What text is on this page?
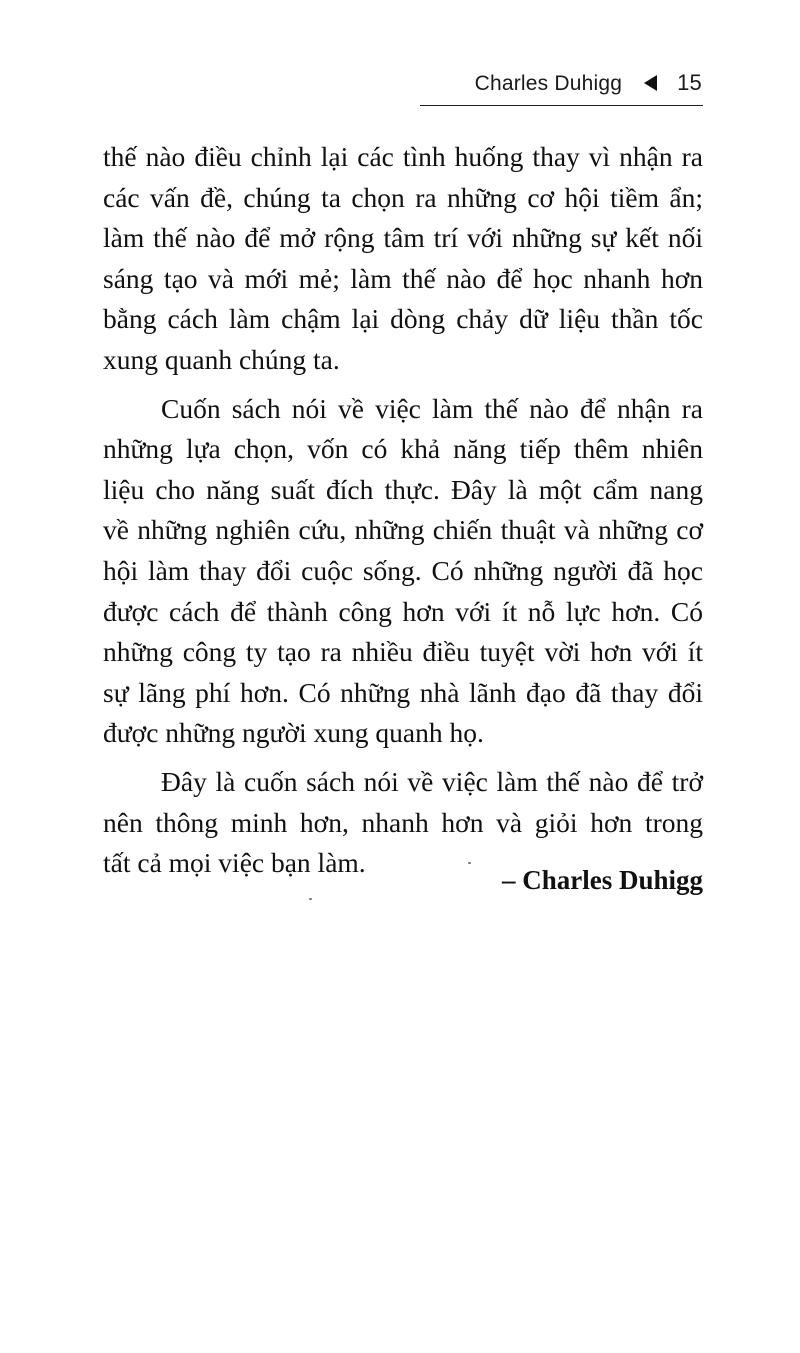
Charles Duhigg	15

thế nào điều chỉnh lại các tình huống thay vì nhận ra
các vấn đề, chúng ta chọn ra những cơ hội tiềm ẩn;
làm thế nào để mở rộng tâm trí với những sự kết nối
sáng tạo và mới mẻ; làm thế nào để học nhanh hơn
bằng cách làm chậm lại dòng chảy dữ liệu thần tốc
xung quanh chúng ta.

Cuốn sách nói về việc làm thế nào để nhận ra
những lựa chọn, vốn có khả năng tiếp thêm nhiên
liệu cho năng suất đích thực. Đây là một cẩm nang
về những nghiên cứu, những chiến thuật và những cơ
hội làm thay đổi cuộc sống. Có những người đã học
được cách để thành công hơn với ít nỗ lực hơn. Có
những công ty tạo ra nhiều điều tuyệt vời hơn với ít
sự lãng phí hơn. Có những nhà lãnh đạo đã thay đổi
được những người xung quanh họ.

Đây là cuốn sách nói về việc làm thế nào để trở
nên thông minh hơn, nhanh hơn và giỏi hơn trong
tất cả mọi việc bạn làm.

– Charles Duhigg
